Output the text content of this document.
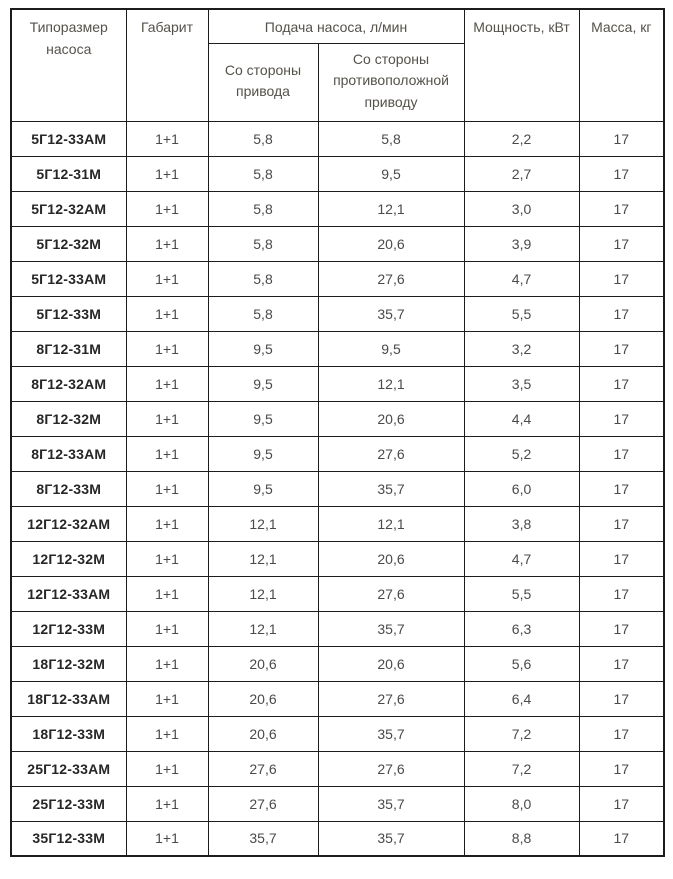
Типоразмер насоса	Габарит	Подача насоса, л/мин		Мощность, кВт	Масса, кг
		Со стороны привода	Со стороны противоположной приводу		
5Г12-33АМ	1+1	5,8	5,8	2,2	17
5Г12-31М	1+1	5,8	9,5	2,7	17
5Г12-32АМ	1+1	5,8	12,1	3,0	17
5Г12-32М	1+1	5,8	20,6	3,9	17
5Г12-33АМ	1+1	5,8	27,6	4,7	17
5Г12-33М	1+1	5,8	35,7	5,5	17
8Г12-31М	1+1	9,5	9,5	3,2	17
8Г12-32АМ	1+1	9,5	12,1	3,5	17
8Г12-32М	1+1	9,5	20,6	4,4	17
8Г12-33АМ	1+1	9,5	27,6	5,2	17
8Г12-33М	1+1	9,5	35,7	6,0	17
12Г12-32АМ	1+1	12,1	12,1	3,8	17
12Г12-32М	1+1	12,1	20,6	4,7	17
12Г12-33АМ	1+1	12,1	27,6	5,5	17
12Г12-33М	1+1	12,1	35,7	6,3	17
18Г12-32М	1+1	20,6	20,6	5,6	17
18Г12-33АМ	1+1	20,6	27,6	6,4	17
18Г12-33М	1+1	20,6	35,7	7,2	17
25Г12-33АМ	1+1	27,6	27,6	7,2	17
25Г12-33М	1+1	27,6	35,7	8,0	17
35Г12-33М	1+1	35,7	35,7	8,8	17
